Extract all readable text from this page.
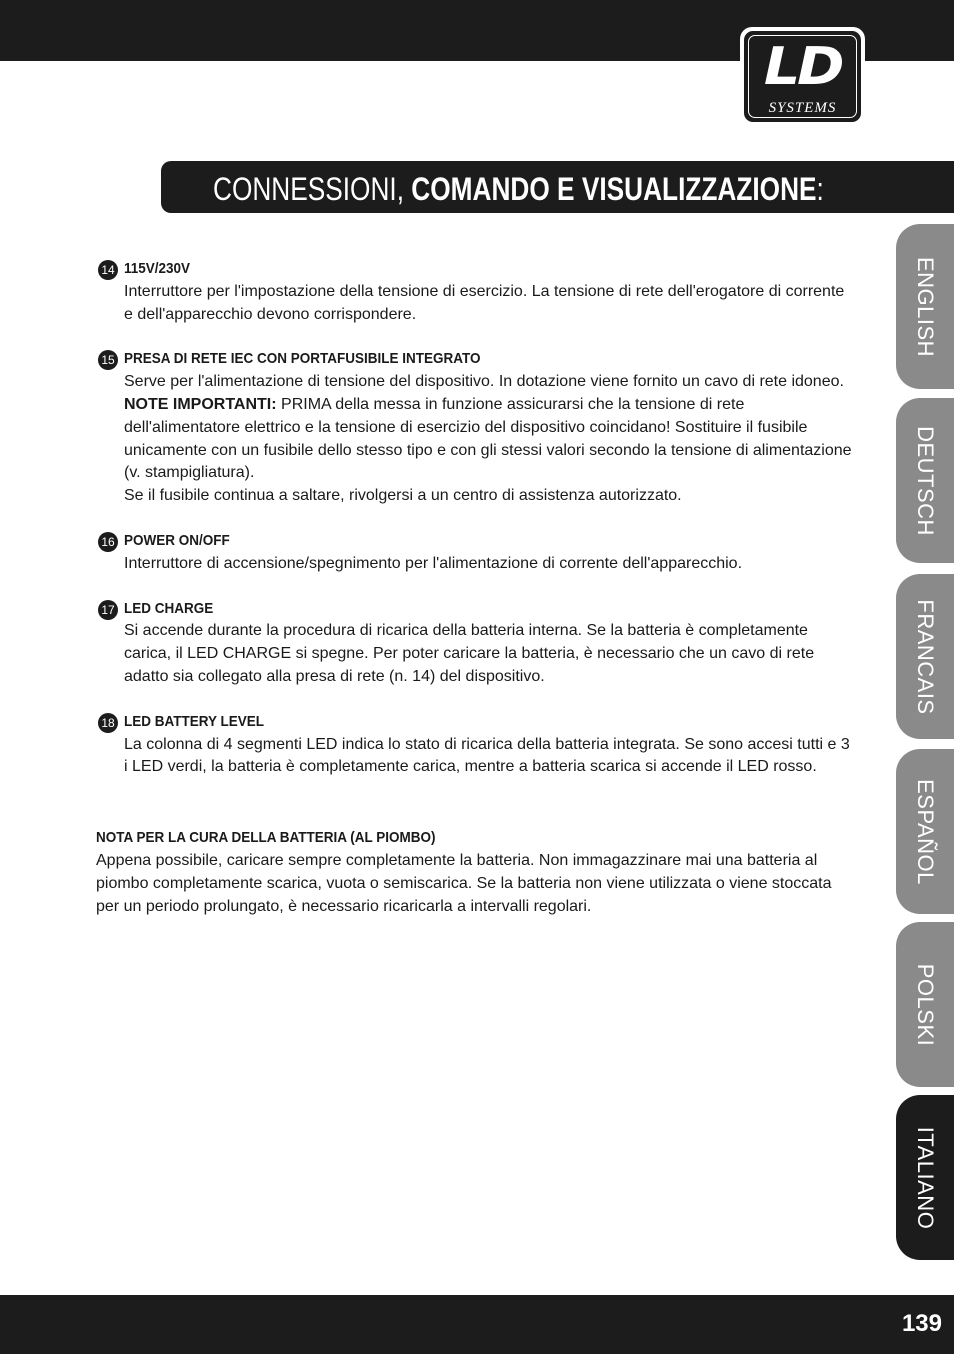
LD
SYSTEMS
CONNESSIONI, COMANDO E VISUALIZZAZIONE:
14 115V/230V
Interruttore per l'impostazione della tensione di esercizio. La tensione di rete dell'erogatore di corrente e dell'apparecchio devono corrispondere.
15 PRESA DI RETE IEC CON PORTAFUSIBILE INTEGRATO
Serve per l'alimentazione di tensione del dispositivo. In dotazione viene fornito un cavo di rete idoneo.
NOTE IMPORTANTI: PRIMA della messa in funzione assicurarsi che la tensione di rete dell'alimentatore elettrico e la tensione di esercizio del dispositivo coincidano! Sostituire il fusibile unicamente con un fusibile dello stesso tipo e con gli stessi valori secondo la tensione di alimentazione (v. stampigliatura).
Se il fusibile continua a saltare, rivolgersi a un centro di assistenza autorizzato.
16 POWER ON/OFF
Interruttore di accensione/spegnimento per l'alimentazione di corrente dell'apparecchio.
17 LED CHARGE
Si accende durante la procedura di ricarica della batteria interna. Se la batteria è completamente carica, il LED CHARGE si spegne. Per poter caricare la batteria, è necessario che un cavo di rete adatto sia collegato alla presa di rete (n. 14) del dispositivo.
18 LED BATTERY LEVEL
La colonna di 4 segmenti LED indica lo stato di ricarica della batteria integrata. Se sono accesi tutti e 3 i LED verdi, la batteria è completamente carica, mentre a batteria scarica si accende il LED rosso.
NOTA PER LA CURA DELLA BATTERIA (AL PIOMBO)
Appena possibile, caricare sempre completamente la batteria. Non immagazzinare mai una batteria al piombo completamente scarica, vuota o semiscarica. Se la batteria non viene utilizzata o viene stoccata per un periodo prolungato, è necessario ricaricarla a intervalli regolari.
ENGLISH
DEUTSCH
FRANCAIS
ESPAÑOL
POLSKI
ITALIANO
139
